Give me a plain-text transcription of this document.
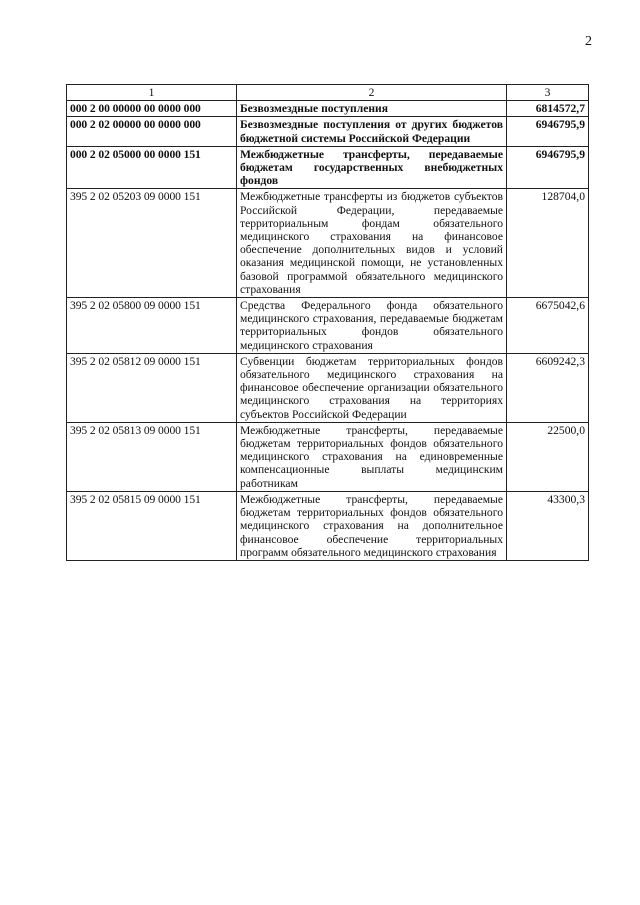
2
1	2	3
000 2 00 00000 00 0000 000	Безвозмездные поступления	6814572,7
000 2 02 00000 00 0000 000	Безвозмездные поступления от других бюджетов бюджетной системы Российской Федерации	6946795,9
000 2 02 05000 00 0000 151	Межбюджетные трансферты, передаваемые бюджетам государственных внебюджетных фондов	6946795,9
395 2 02 05203 09 0000 151	Межбюджетные трансферты из бюджетов субъектов Российской Федерации, передаваемые территориальным фондам обязательного медицинского страхования на финансовое обеспечение дополнительных видов и условий оказания медицинской помощи, не установленных базовой программой обязательного медицинского страхования	128704,0
395 2 02 05800 09 0000 151	Средства Федерального фонда обязательного медицинского страхования, передаваемые бюджетам территориальных фондов обязательного медицинского страхования	6675042,6
395 2 02 05812 09 0000 151	Субвенции бюджетам территориальных фондов обязательного медицинского страхования на финансовое обеспечение организации обязательного медицинского страхования на территориях субъектов Российской Федерации	6609242,3
395 2 02 05813 09 0000 151	Межбюджетные трансферты, передаваемые бюджетам территориальных фондов обязательного медицинского страхования на единовременные компенсационные выплаты медицинским работникам	22500,0
395 2 02 05815 09 0000 151	Межбюджетные трансферты, передаваемые бюджетам территориальных фондов обязательного медицинского страхования на дополнительное финансовое обеспечение территориальных программ обязательного медицинского страхования	43300,3
